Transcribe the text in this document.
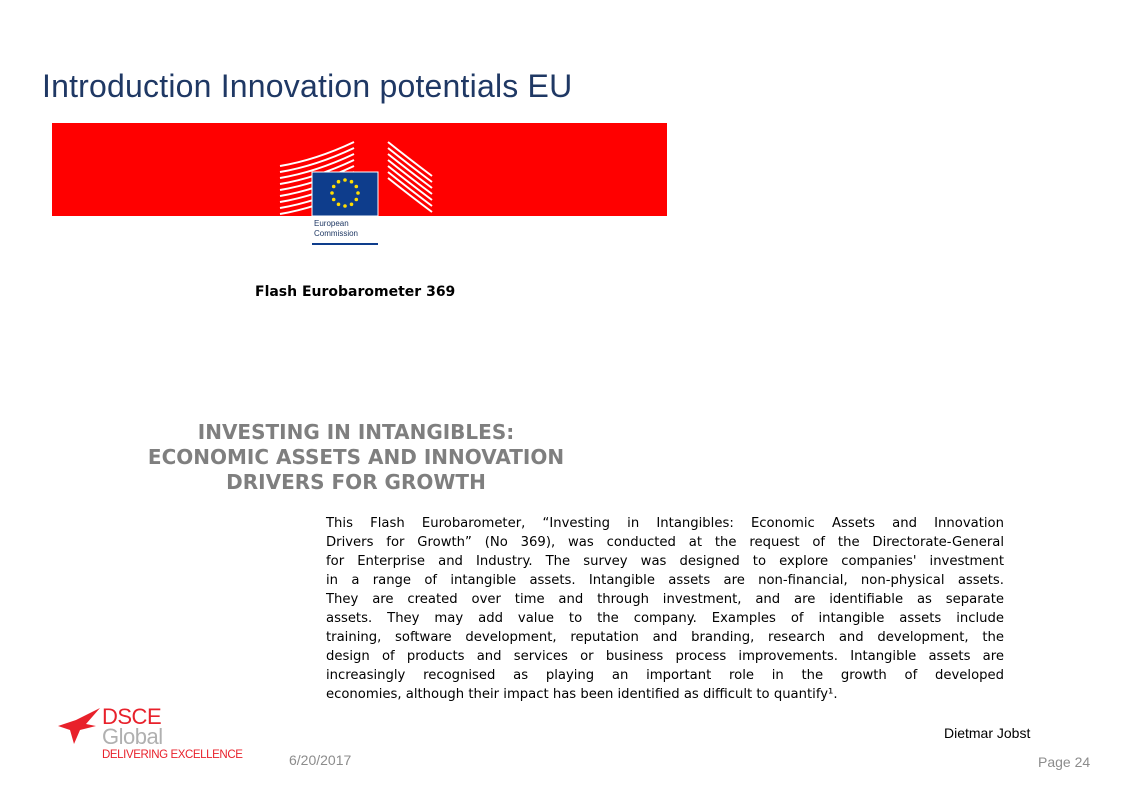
Introduction Innovation potentials EU
European
Commission
Flash Eurobarometer 369
INVESTING IN INTANGIBLES:
ECONOMIC ASSETS AND INNOVATION
DRIVERS FOR GROWTH
This Flash Eurobarometer, “Investing in Intangibles: Economic Assets and Innovation
Drivers for Growth” (No 369), was conducted at the request of the Directorate-General
for Enterprise and Industry. The survey was designed to explore companies' investment
in a range of intangible assets. Intangible assets are non-financial, non-physical assets.
They are created over time and through investment, and are identifiable as separate
assets. They may add value to the company. Examples of intangible assets include
training, software development, reputation and branding, research and development, the
design of products and services or business process improvements. Intangible assets are
increasingly recognised as playing an important role in the growth of developed
economies, although their impact has been identified as difficult to quantify¹.
DSCE
Global
DELIVERING EXCELLENCE	6/20/2017
Dietmar Jobst
Page 24
